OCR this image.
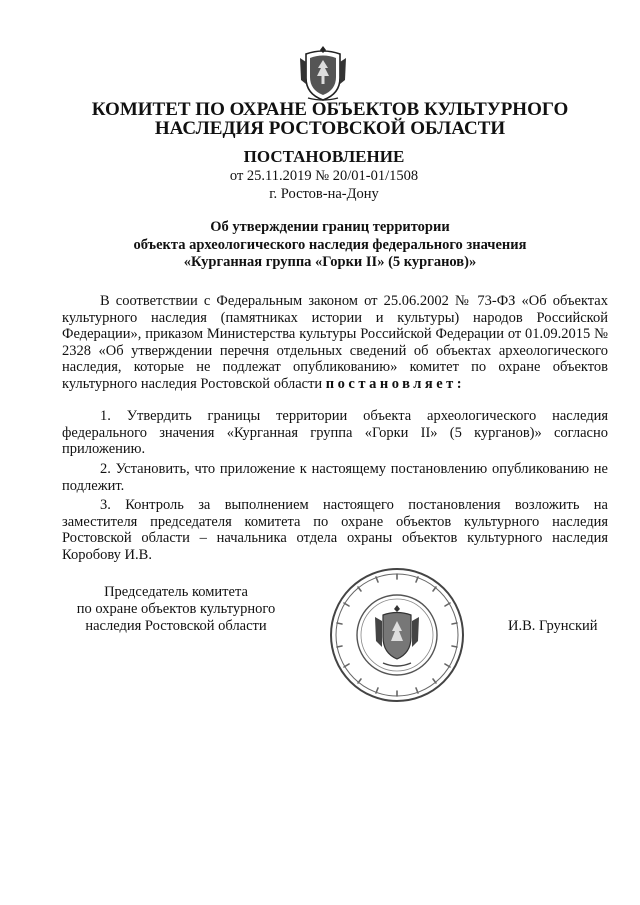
КОМИТЕТ ПО ОХРАНЕ ОБЪЕКТОВ КУЛЬТУРНОГО
НАСЛЕДИЯ РОСТОВСКОЙ ОБЛАСТИ
ПОСТАНОВЛЕНИЕ
от 25.11.2019 № 20/01-01/1508
г. Ростов-на-Дону
Об утверждении границ территории
объекта археологического наследия федерального значения
«Курганная группа «Горки II» (5 курганов)»
В соответствии с Федеральным законом от 25.06.2002 № 73-ФЗ «Об объектах культурного наследия (памятниках истории и культуры) народов Российской Федерации», приказом Министерства культуры Российской Федерации от 01.09.2015 № 2328 «Об утверждении перечня отдельных сведений об объектах археологического наследия, которые не подлежат опубликованию» комитет по охране объектов культурного наследия Ростовской области постановляет:
1. Утвердить границы территории объекта археологического наследия федерального значения «Курганная группа «Горки II» (5 курганов)» согласно приложению.
2. Установить, что приложение к настоящему постановлению опубликованию не подлежит.
3. Контроль за выполнением настоящего постановления возложить на заместителя председателя комитета по охране объектов культурного наследия Ростовской области – начальника отдела охраны объектов культурного наследия Коробову И.В.
Председатель комитета
по охране объектов культурного
наследия Ростовской области	И.В. Грунский
